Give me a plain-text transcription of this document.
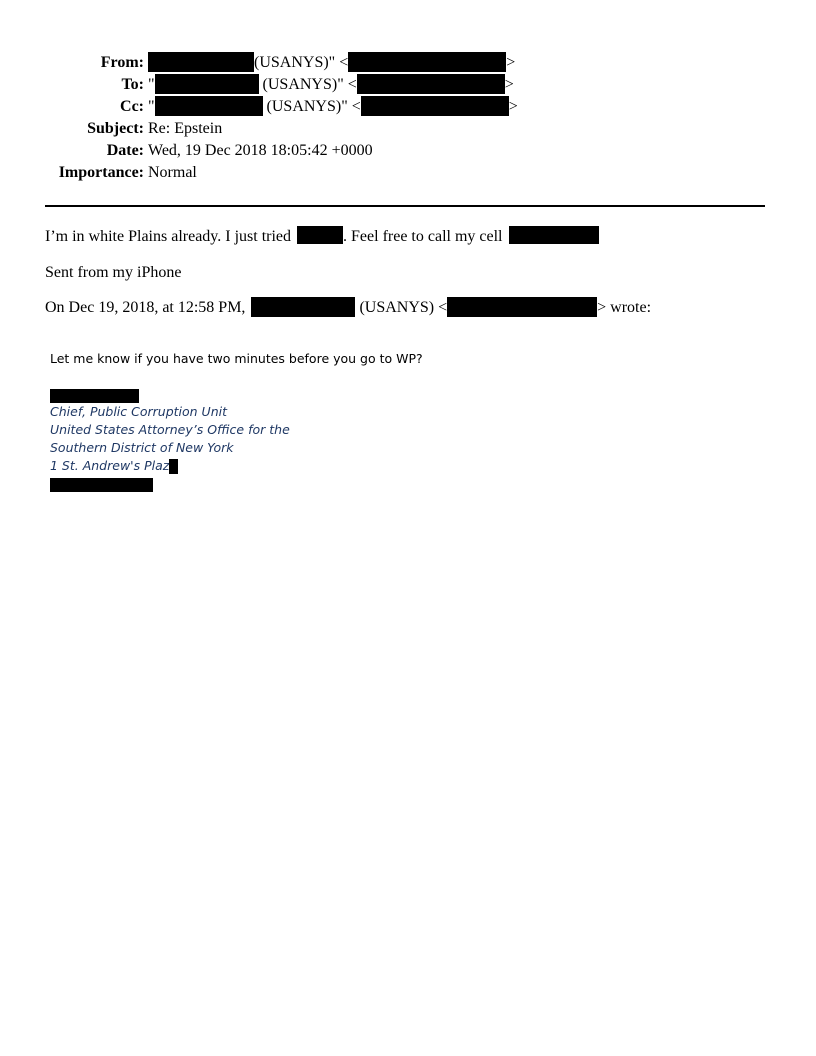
From:	(USANYS)" <	>
To: "	(USANYS)" <	>
Cc: "	(USANYS)" <	>
Subject: Re: Epstein
Date: Wed, 19 Dec 2018 18:05:42 +0000
Importance: Normal
I’m in white Plains already. I just tried	. Feel free to call my cell
Sent from my iPhone
On Dec 19, 2018, at 12:58 PM,	(USANYS) <	> wrote:
Let me know if you have two minutes before you go to WP?
Chief, Public Corruption Unit
United States Attorney’s Office for the
Southern District of New York
1 St. Andrew's Plaz
